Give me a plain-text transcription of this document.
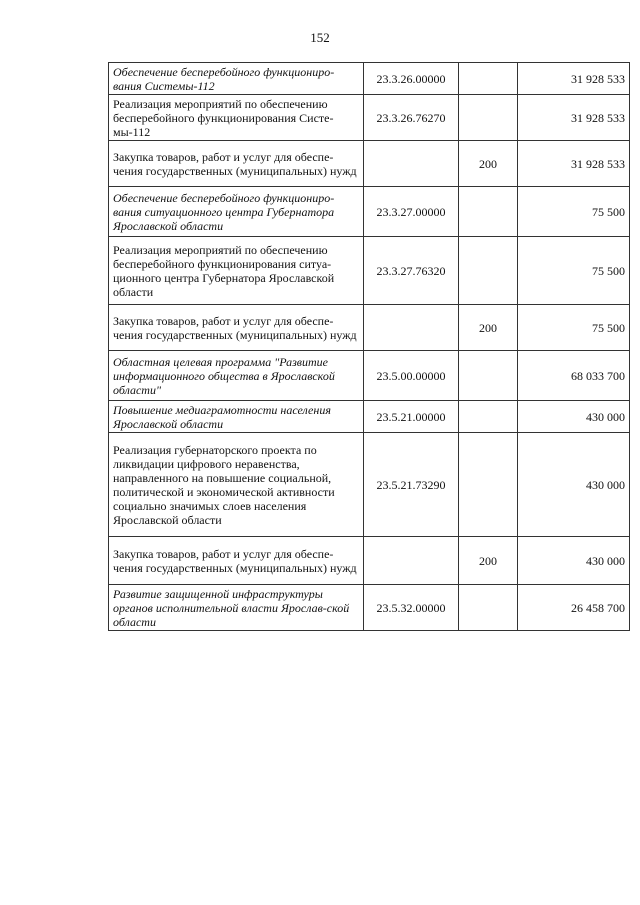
152
Обеспечение бесперебойного функциониро-вания Системы-112	23.3.26.00000		31 928 533
Реализация мероприятий по обеспечению бесперебойного функционирования Систе-мы-112	23.3.26.76270		31 928 533
Закупка товаров, работ и услуг для обеспе-чения государственных (муниципальных) нужд		200	31 928 533
Обеспечение бесперебойного функциониро-вания ситуационного центра Губернатора Ярославской области	23.3.27.00000		75 500
Реализация мероприятий по обеспечению бесперебойного функционирования ситуа-ционного центра Губернатора Ярославской области	23.3.27.76320		75 500
Закупка товаров, работ и услуг для обеспе-чения государственных (муниципальных) нужд		200	75 500
Областная целевая программа "Развитие информационного общества в Ярославской области"	23.5.00.00000		68 033 700
Повышение медиаграмотности населения Ярославской области	23.5.21.00000		430 000
Реализация губернаторского проекта по ликвидации цифрового неравенства, направленного на повышение социальной, политической и экономической активности социально значимых слоев населения Ярославской области	23.5.21.73290		430 000
Закупка товаров, работ и услуг для обеспе-чения государственных (муниципальных) нужд		200	430 000
Развитие защищенной инфраструктуры органов исполнительной власти Ярослав-ской области	23.5.32.00000		26 458 700
